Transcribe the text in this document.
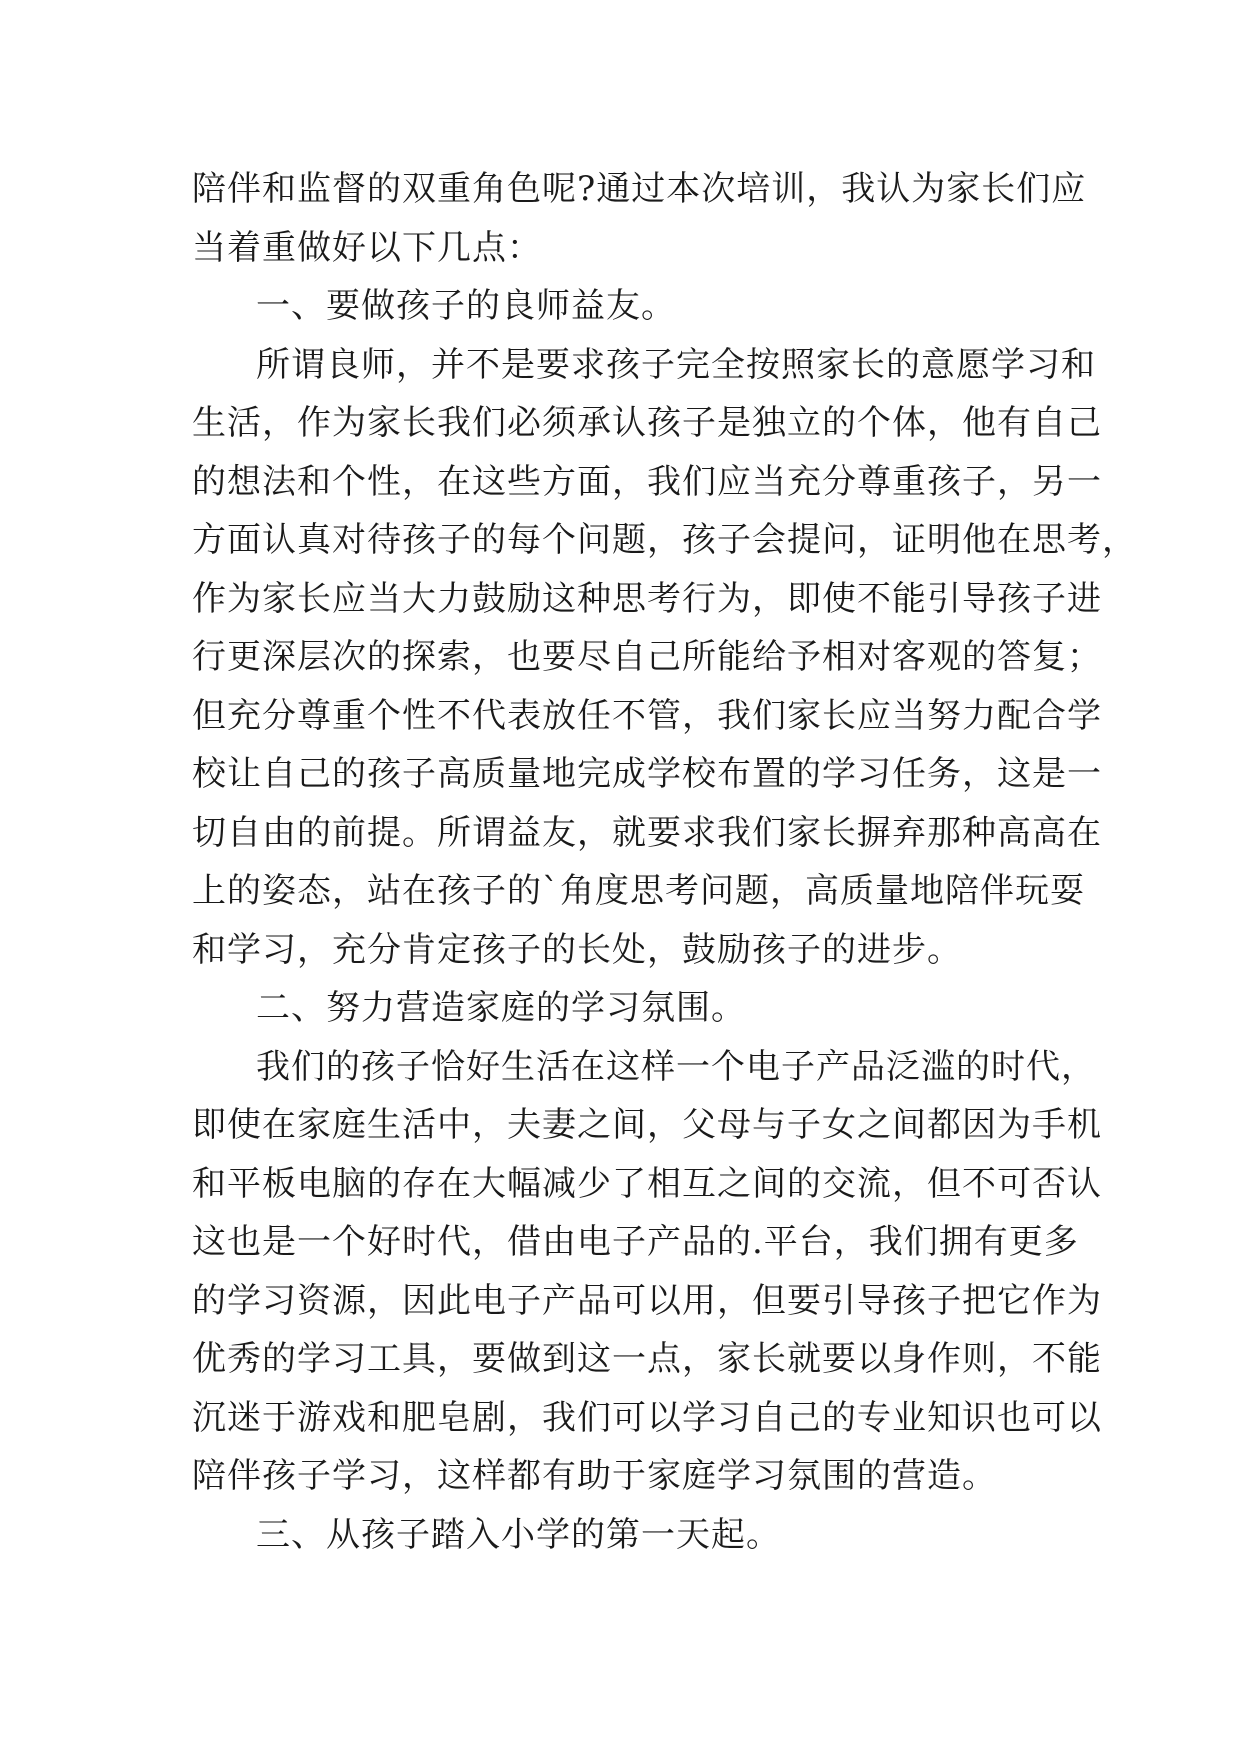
陪伴和监督的双重角色呢?通过本次培训，我认为家长们应
当着重做好以下几点：
一、要做孩子的良师益友。
所谓良师，并不是要求孩子完全按照家长的意愿学习和
生活，作为家长我们必须承认孩子是独立的个体，他有自己
的想法和个性，在这些方面，我们应当充分尊重孩子，另一
方面认真对待孩子的每个问题，孩子会提问，证明他在思考，
作为家长应当大力鼓励这种思考行为，即使不能引导孩子进
行更深层次的探索，也要尽自己所能给予相对客观的答复；
但充分尊重个性不代表放任不管，我们家长应当努力配合学
校让自己的孩子高质量地完成学校布置的学习任务，这是一
切自由的前提。所谓益友，就要求我们家长摒弃那种高高在
上的姿态，站在孩子的`角度思考问题，高质量地陪伴玩耍
和学习，充分肯定孩子的长处，鼓励孩子的进步。
二、努力营造家庭的学习氛围。
我们的孩子恰好生活在这样一个电子产品泛滥的时代，
即使在家庭生活中，夫妻之间，父母与子女之间都因为手机
和平板电脑的存在大幅减少了相互之间的交流，但不可否认
这也是一个好时代，借由电子产品的.平台，我们拥有更多
的学习资源，因此电子产品可以用，但要引导孩子把它作为
优秀的学习工具，要做到这一点，家长就要以身作则，不能
沉迷于游戏和肥皂剧，我们可以学习自己的专业知识也可以
陪伴孩子学习，这样都有助于家庭学习氛围的营造。
三、从孩子踏入小学的第一天起。
